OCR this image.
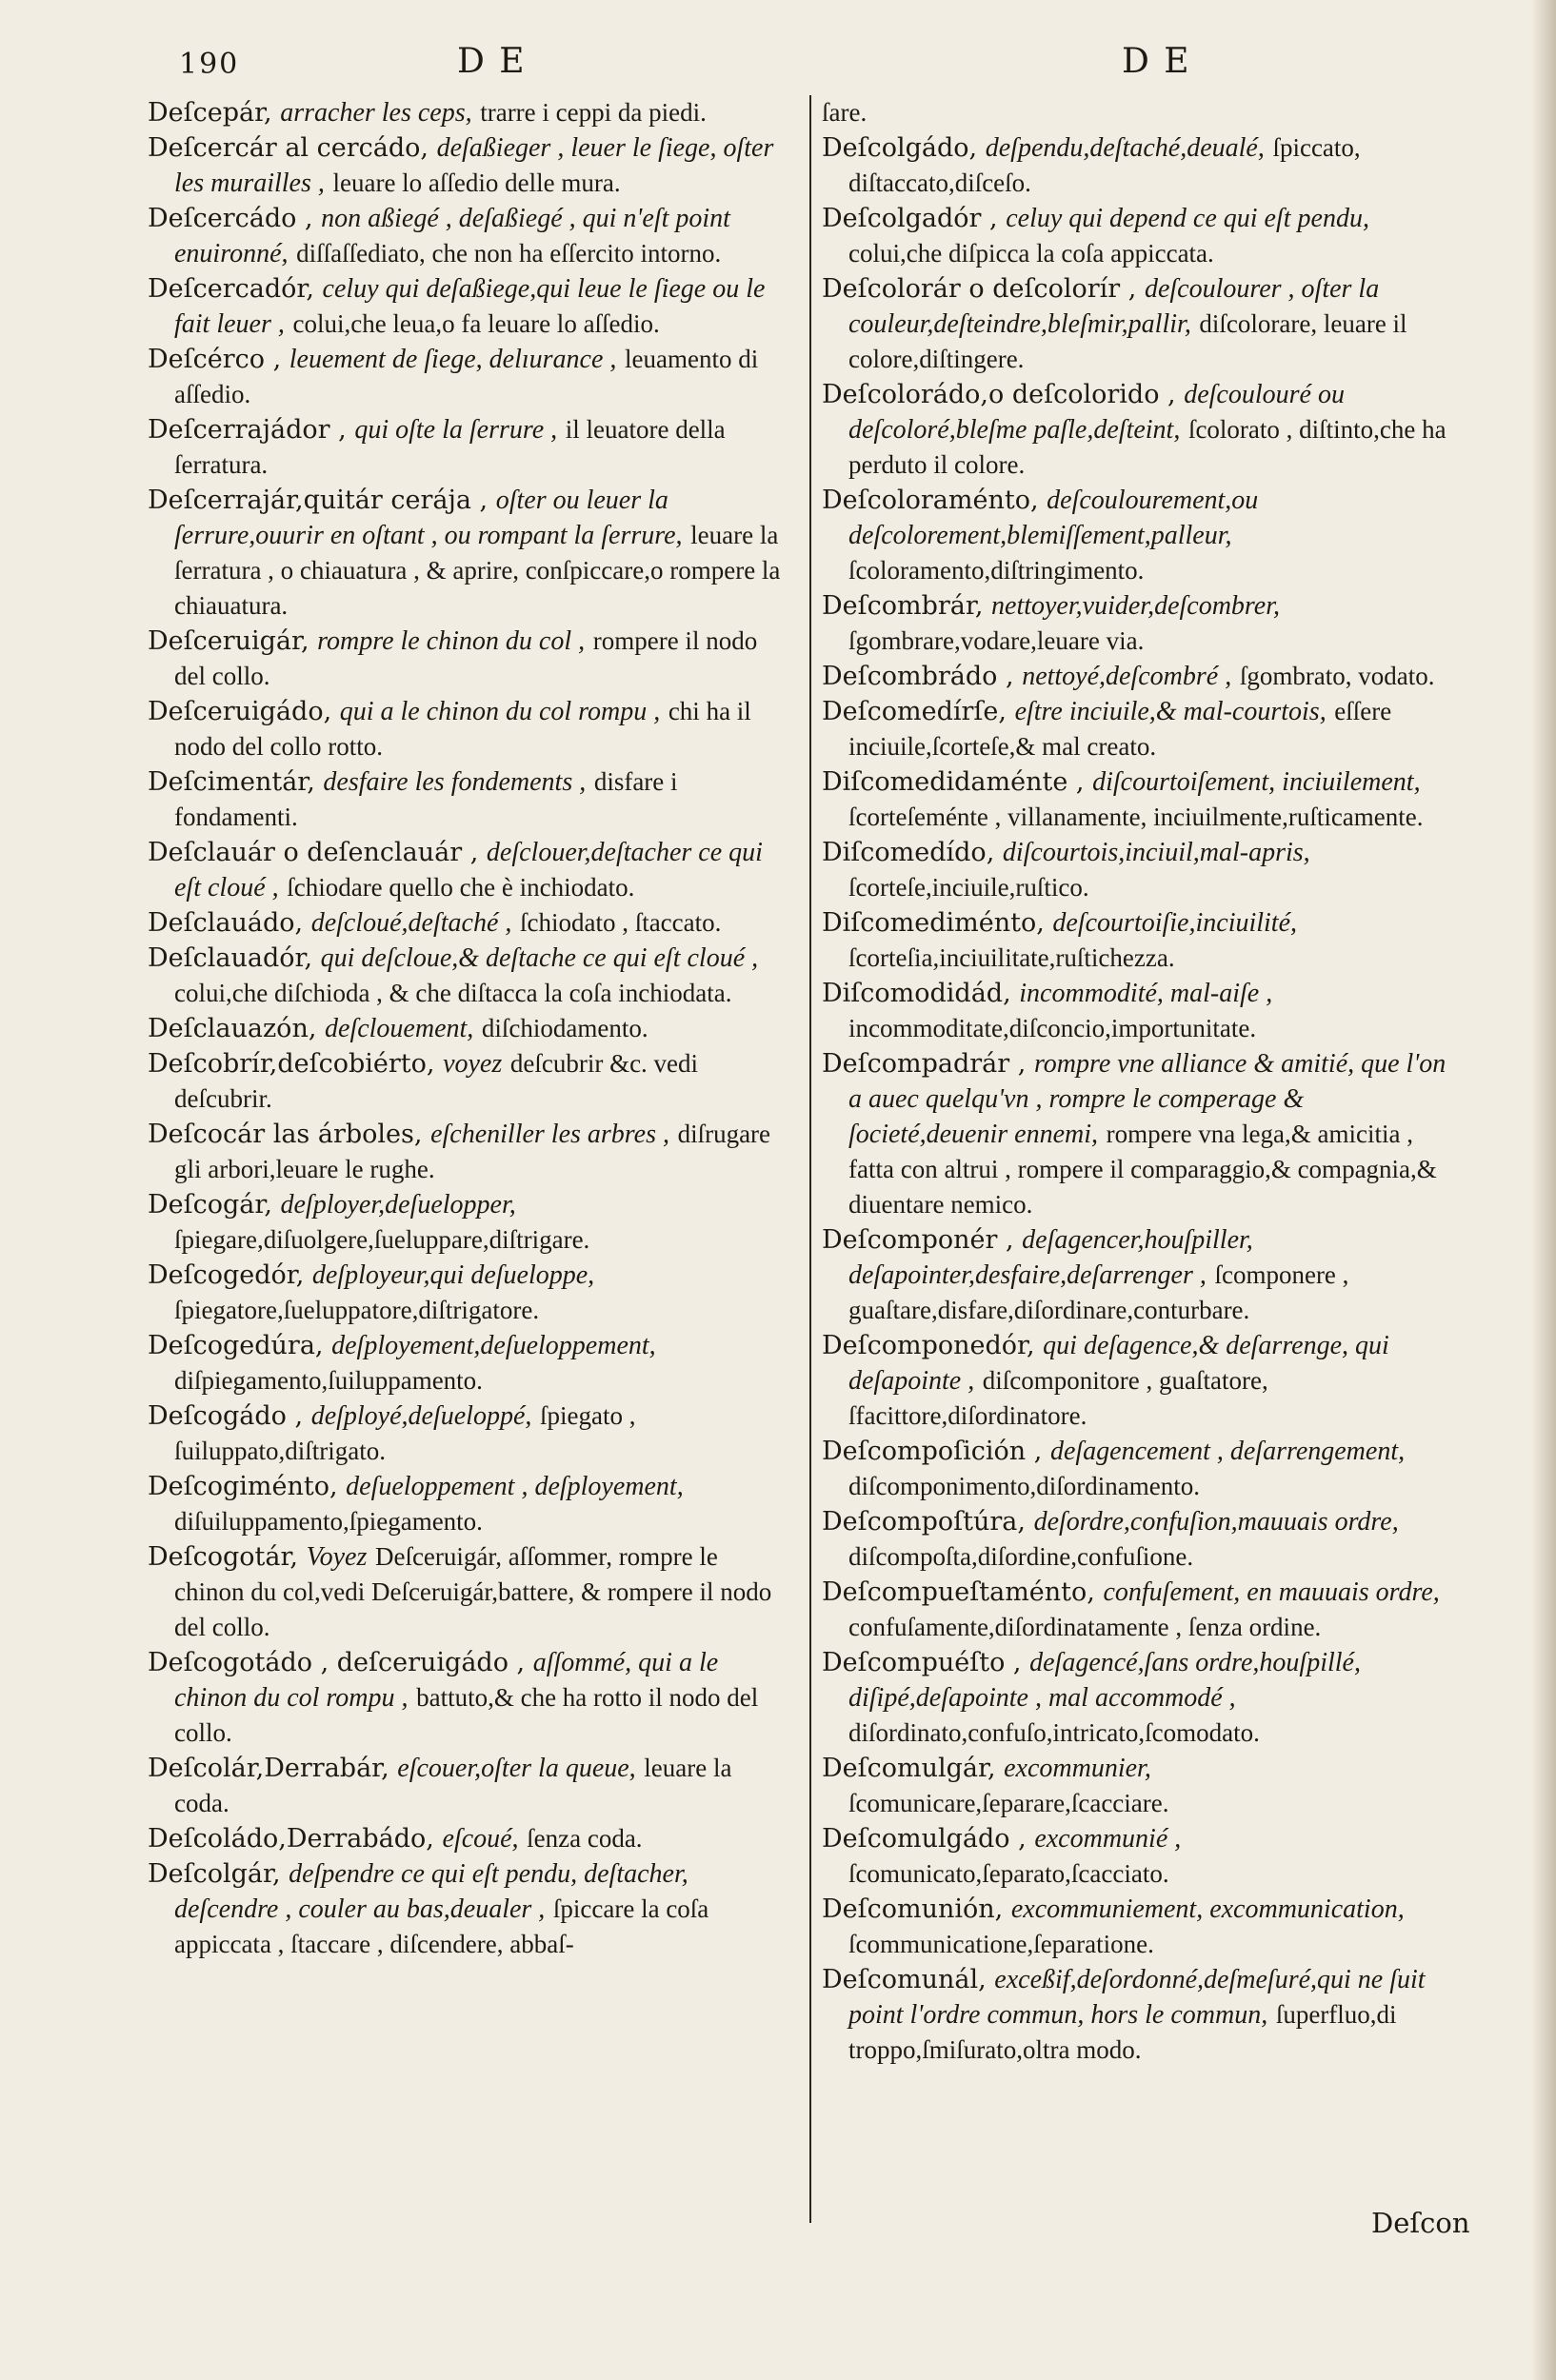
190	D E	D E
Deſcepár, arracher les ceps, trarre i ceppi da piedi.
Deſcercár al cercádo, deſaßieger , leuer le ſiege, oſter les murailles , leuare lo aſſedio delle mura.
Deſcercádo , non aßiegé , deſaßiegé , qui n'eſt point enuironné, diſſaſſediato, che non ha eſſercito intorno.
Deſcercadór, celuy qui deſaßiege,qui leue le ſiege ou le fait leuer , colui,che leua,o fa leuare lo aſſedio.
Deſcérco , leuement de ſiege, delıurance , leuamento di aſſedio.
Deſcerrajádor , qui oſte la ſerrure , il leuatore della ſerratura.
Deſcerrajár,quitár cerája , oſter ou leuer la ſerrure,ouurir en oſtant , ou rompant la ſerrure, leuare la ſerratura , o chiauatura , & aprire, conſpiccare,o rompere la chiauatura.
Deſceruigár, rompre le chinon du col , rompere il nodo del collo.
Deſceruigádo, qui a le chinon du col rompu , chi ha il nodo del collo rotto.
Deſcimentár, desfaire les fondements , disfare i fondamenti.
Deſclauár o deſenclauár , deſclouer,deſtacher ce qui eſt cloué , ſchiodare quello che è inchiodato.
Deſclauádo, deſcloué,deſtaché , ſchiodato , ſtaccato.
Deſclauadór, qui deſcloue,& deſtache ce qui eſt cloué , colui,che diſchioda , & che diſtacca la coſa inchiodata.
Deſclauazón, deſclouement, diſchiodamento.
Deſcobrír,deſcobiérto, voyez deſcubrir &c. vedi deſcubrir.
Deſcocár las árboles, eſcheniller les arbres , diſrugare gli arbori,leuare le rughe.
Deſcogár, deſployer,deſuelopper, ſpiegare,diſuolgere,ſueluppare,diſtrigare.
Deſcogedór, deſployeur,qui deſueloppe, ſpiegatore,ſueluppatore,diſtrigatore.
Deſcogedúra, deſployement,deſueloppement, diſpiegamento,ſuiluppamento.
Deſcogádo , deſployé,deſueloppé, ſpiegato , ſuiluppato,diſtrigato.
Deſcogiménto, deſueloppement , deſployement, diſuiluppamento,ſpiegamento.
Deſcogotár, Voyez Deſceruigár, aſſommer, rompre le chinon du col,vedi Deſceruigár,battere, & rompere il nodo del collo.
Deſcogotádo , deſceruigádo , aſſommé, qui a le chinon du col rompu , battuto,& che ha rotto il nodo del collo.
Deſcolár,Derrabár, eſcouer,oſter la queue, leuare la coda.
Deſcoládo,Derrabádo, eſcoué, ſenza coda.
Deſcolgár, deſpendre ce qui eſt pendu, deſtacher, deſcendre , couler au bas,deualer , ſpiccare la coſa appiccata , ſtaccare , diſcendere, abbaſ-
ſare.
Deſcolgádo, deſpendu,deſtaché,deualé, ſpiccato, diſtaccato,diſceſo.
Deſcolgadór , celuy qui depend ce qui eſt pendu, colui,che diſpicca la coſa appiccata.
Deſcolorár o deſcolorír , deſcoulourer , oſter la couleur,deſteindre,bleſmir,pallir, diſcolorare, leuare il colore,diſtingere.
Deſcolorádo,o deſcolorido , deſcoulouré ou deſcoloré,bleſme paſle,deſteint, ſcolorato , diſtinto,che ha perduto il colore.
Deſcoloraménto, deſcoulourement,ou deſcolorement,blemiſſement,palleur, ſcoloramento,diſtringimento.
Deſcombrár, nettoyer,vuider,deſcombrer, ſgombrare,vodare,leuare via.
Deſcombrádo , nettoyé,deſcombré , ſgombrato, vodato.
Deſcomedírſe, eſtre inciuile,& mal-courtois, eſſere inciuile,ſcorteſe,& mal creato.
Diſcomedidaménte , diſcourtoiſement, inciuilement, ſcorteſeménte , villanamente, inciuilmente,ruſticamente.
Diſcomedído, diſcourtois,inciuil,mal-apris, ſcorteſe,inciuile,ruſtico.
Diſcomediménto, deſcourtoiſie,inciuilité, ſcorteſia,inciuilitate,ruſtichezza.
Diſcomodidád, incommodité, mal-aiſe , incommoditate,diſconcio,importunitate.
Deſcompadrár , rompre vne alliance & amitié, que l'on a auec quelqu'vn , rompre le comperage & ſocieté,deuenir ennemi, rompere vna lega,& amicitia , fatta con altrui , rompere il comparaggio,& compagnia,& diuentare nemico.
Deſcomponér , deſagencer,houſpiller, deſapointer,desfaire,deſarrenger , ſcomponere , guaſtare,disfare,diſordinare,conturbare.
Deſcomponedór, qui deſagence,& deſarrenge, qui deſapointe , diſcomponitore , guaſtatore, ſfacittore,diſordinatore.
Deſcompoſición , deſagencement , deſarrengement, diſcomponimento,diſordinamento.
Deſcompoſtúra, deſordre,confuſion,mauuais ordre, diſcompoſta,diſordine,confuſione.
Deſcompueſtaménto, confuſement, en mauuais ordre, confuſamente,diſordinatamente , ſenza ordine.
Deſcompuéſto , deſagencé,ſans ordre,houſpillé, diſipé,deſapointe , mal accommodé , diſordinato,confuſo,intricato,ſcomodato.
Deſcomulgár, excommunier, ſcomunicare,ſeparare,ſcacciare.
Deſcomulgádo , excommunié , ſcomunicato,ſeparato,ſcacciato.
Deſcomunión, excommuniement, excommunication, ſcommunicatione,ſeparatione.
Deſcomunál, exceßif,deſordonné,deſmeſuré,qui ne ſuit point l'ordre commun, hors le commun, ſuperfluo,di troppo,ſmiſurato,oltra modo.
Deſcon
